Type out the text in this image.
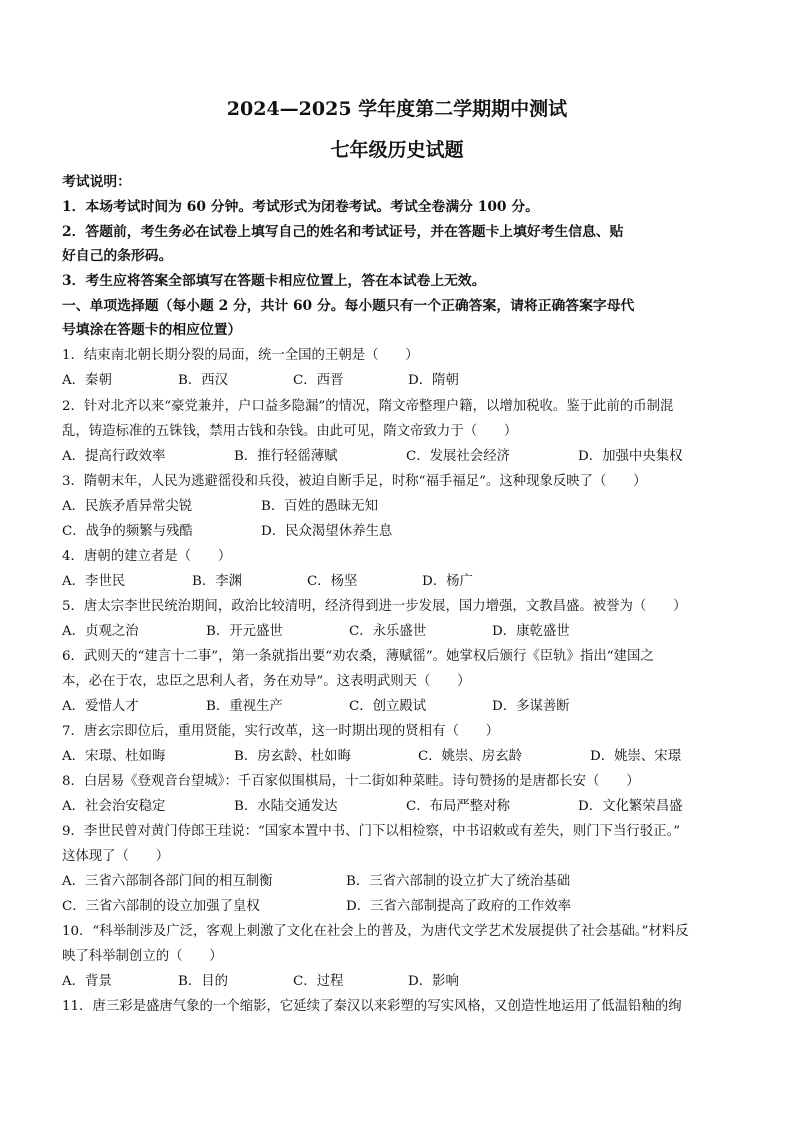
2024—2025 学年度第二学期期中测试
七年级历史试题
考试说明：
1．本场考试时间为 60 分钟。考试形式为闭卷考试。考试全卷满分 100 分。
2．答题前，考生务必在试卷上填写自己的姓名和考试证号，并在答题卡上填好考生信息、贴
好自己的条形码。
3．考生应将答案全部填写在答题卡相应位置上，答在本试卷上无效。
一、单项选择题（每小题 2 分，共计 60 分。每小题只有一个正确答案，请将正确答案字母代
号填涂在答题卡的相应位置）
1．结束南北朝长期分裂的局面，统一全国的王朝是（　　）
A．秦朝	B．西汉	C．西晋	D．隋朝
2．针对北齐以来“豪党兼并，户口益多隐漏”的情况，隋文帝整理户籍，以增加税收。鉴于此前的币制混
乱，铸造标准的五铢钱，禁用古钱和杂钱。由此可见，隋文帝致力于（　　）
A．提高行政效率	B．推行轻徭薄赋	C．发展社会经济	D．加强中央集权
3．隋朝末年，人民为逃避徭役和兵役，被迫自断手足，时称“福手福足”。这种现象反映了（　　）
A．民族矛盾异常尖锐	B．百姓的愚昧无知
C．战争的频繁与残酷	D．民众渴望休养生息
4．唐朝的建立者是（　　）
A．李世民	B．李渊	C．杨坚	D．杨广
5．唐太宗李世民统治期间，政治比较清明，经济得到进一步发展，国力增强，文教昌盛。被誉为（　　）
A．贞观之治	B．开元盛世	C．永乐盛世	D．康乾盛世
6．武则天的“建言十二事”，第一条就指出要“劝农桑，薄赋徭”。她掌权后颁行《臣轨》指出“建国之
本，必在于农，忠臣之思利人者，务在劝导”。这表明武则天（　　）
A．爱惜人才	B．重视生产	C．创立殿试	D．多谋善断
7．唐玄宗即位后，重用贤能，实行改革，这一时期出现的贤相有（　　）
A．宋璟、杜如晦	B．房玄龄、杜如晦	C．姚崇、房玄龄	D．姚崇、宋璟
8．白居易《登观音台望城》：千百家似围棋局，十二街如种菜畦。诗句赞扬的是唐都长安（　　）
A．社会治安稳定	B．水陆交通发达	C．布局严整对称	D．文化繁荣昌盛
9．李世民曾对黄门侍郎王珪说：“国家本置中书、门下以相检察，中书诏敕或有差失，则门下当行驳正。”
这体现了（　　）
A．三省六部制各部门间的相互制衡	B．三省六部制的设立扩大了统治基础
C．三省六部制的设立加强了皇权	D．三省六部制提高了政府的工作效率
10．“科举制涉及广泛，客观上刺激了文化在社会上的普及，为唐代文学艺术发展提供了社会基础。”材料反
映了科举制创立的（　　）
A．背景	B．目的	C．过程	D．影响
11．唐三彩是盛唐气象的一个缩影，它延续了秦汉以来彩塑的写实风格，又创造性地运用了低温铅釉的绚
